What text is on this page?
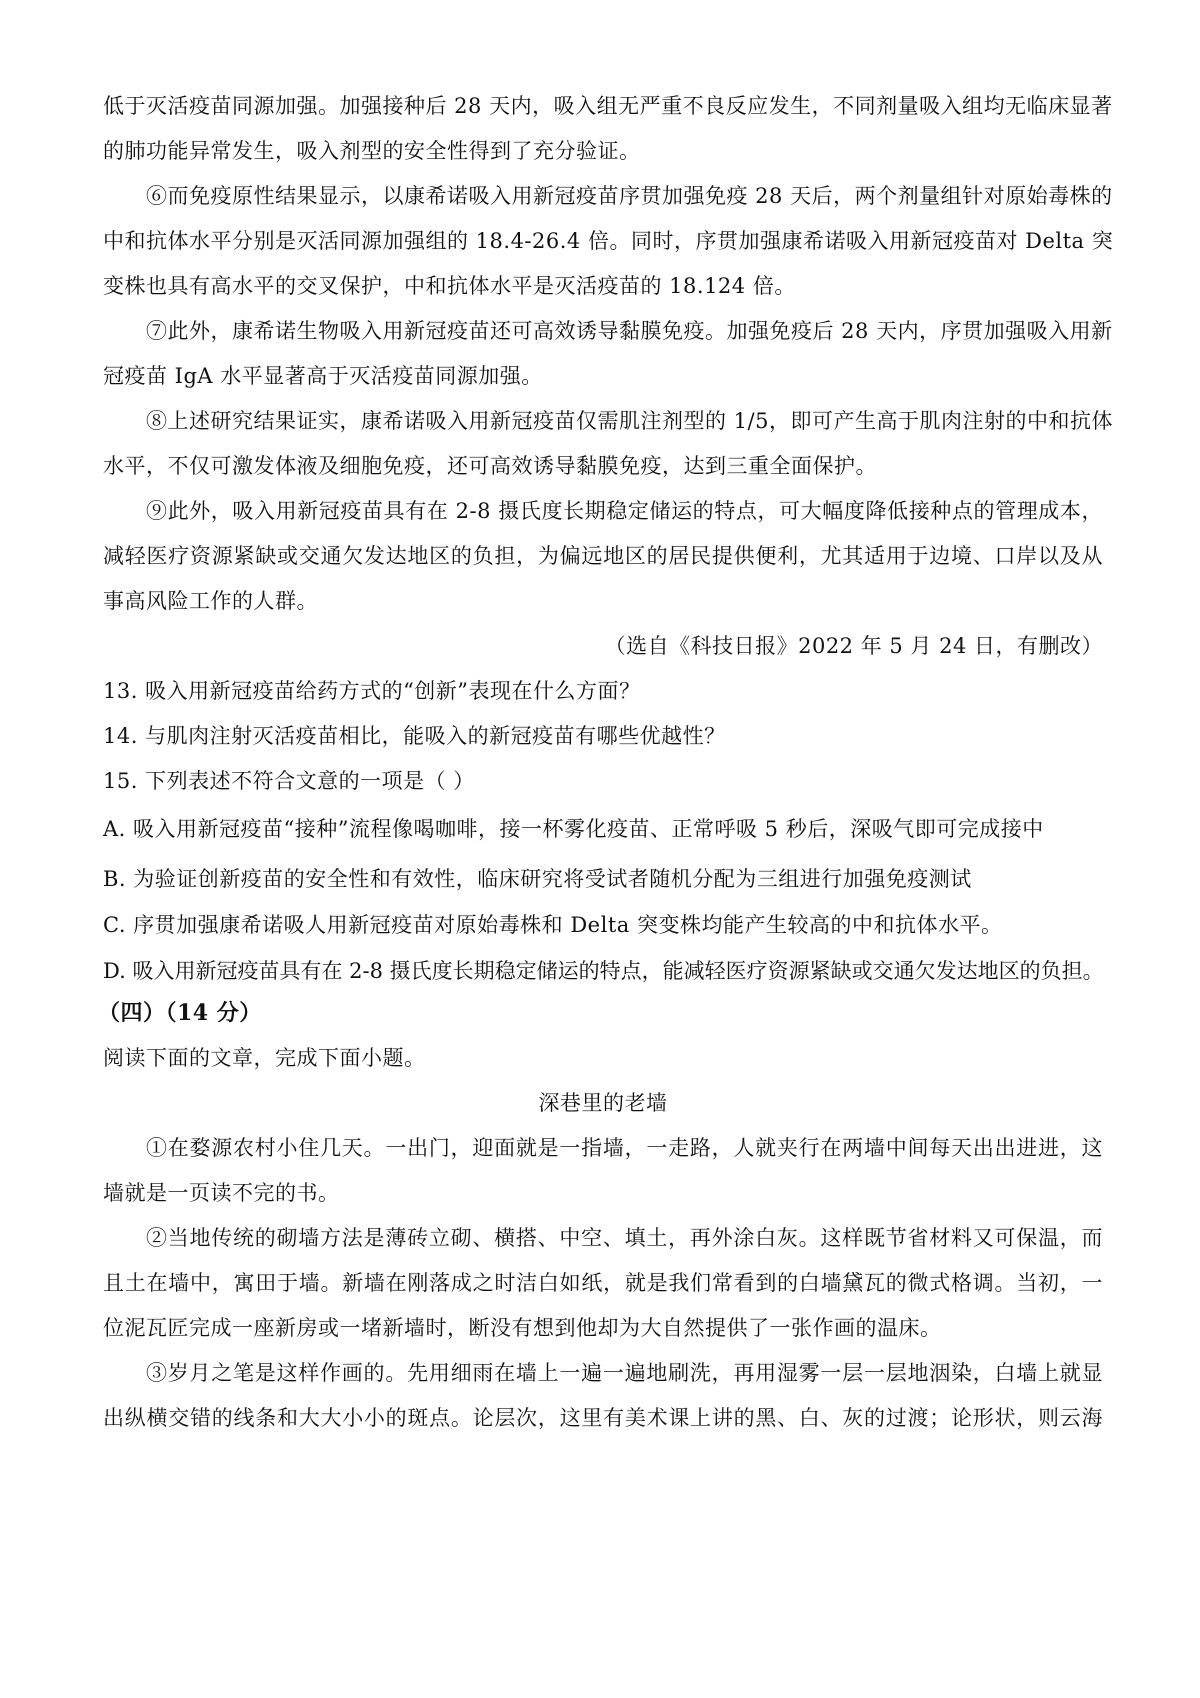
低于灭活疫苗同源加强。加强接种后 28 天内，吸入组无严重不良反应发生，不同剂量吸入组均无临床显著
的肺功能异常发生，吸入剂型的安全性得到了充分验证。
⑥而免疫原性结果显示，以康希诺吸入用新冠疫苗序贯加强免疫 28 天后，两个剂量组针对原始毒株的
中和抗体水平分别是灭活同源加强组的 18.4-26.4 倍。同时，序贯加强康希诺吸入用新冠疫苗对 Delta 突
变株也具有高水平的交叉保护，中和抗体水平是灭活疫苗的 18.124 倍。
⑦此外，康希诺生物吸入用新冠疫苗还可高效诱导黏膜免疫。加强免疫后 28 天内，序贯加强吸入用新
冠疫苗 IgA 水平显著高于灭活疫苗同源加强。
⑧上述研究结果证实，康希诺吸入用新冠疫苗仅需肌注剂型的 1/5，即可产生高于肌肉注射的中和抗体
水平，不仅可激发体液及细胞免疫，还可高效诱导黏膜免疫，达到三重全面保护。
⑨此外，吸入用新冠疫苗具有在 2-8 摄氏度长期稳定储运的特点，可大幅度降低接种点的管理成本，
减轻医疗资源紧缺或交通欠发达地区的负担，为偏远地区的居民提供便利，尤其适用于边境、口岸以及从
事高风险工作的人群。
（选自《科技日报》2022 年 5 月 24 日，有删改）
13. 吸入用新冠疫苗给药方式的“创新”表现在什么方面？
14. 与肌肉注射灭活疫苗相比，能吸入的新冠疫苗有哪些优越性？
15. 下列表述不符合文意的一项是（ ）
A. 吸入用新冠疫苗“接种”流程像喝咖啡，接一杯雾化疫苗、正常呼吸 5 秒后，深吸气即可完成接中
B. 为验证创新疫苗的安全性和有效性，临床研究将受试者随机分配为三组进行加强免疫测试
C. 序贯加强康希诺吸人用新冠疫苗对原始毒株和 Delta 突变株均能产生较高的中和抗体水平。
D. 吸入用新冠疫苗具有在 2-8 摄氏度长期稳定储运的特点，能减轻医疗资源紧缺或交通欠发达地区的负担。
（四）（14 分）
阅读下面的文章，完成下面小题。
深巷里的老墙
①在婺源农村小住几天。一出门，迎面就是一指墙，一走路，人就夹行在两墙中间每天出出进进，这
墙就是一页读不完的书。
②当地传统的砌墙方法是薄砖立砌、横搭、中空、填土，再外涂白灰。这样既节省材料又可保温，而
且土在墙中，寓田于墙。新墙在刚落成之时洁白如纸，就是我们常看到的白墙黛瓦的微式格调。当初，一
位泥瓦匠完成一座新房或一堵新墙时，断没有想到他却为大自然提供了一张作画的温床。
③岁月之笔是这样作画的。先用细雨在墙上一遍一遍地刷洗，再用湿雾一层一层地洇染，白墙上就显
出纵横交错的线条和大大小小的斑点。论层次，这里有美术课上讲的黑、白、灰的过渡；论形状，则云海
